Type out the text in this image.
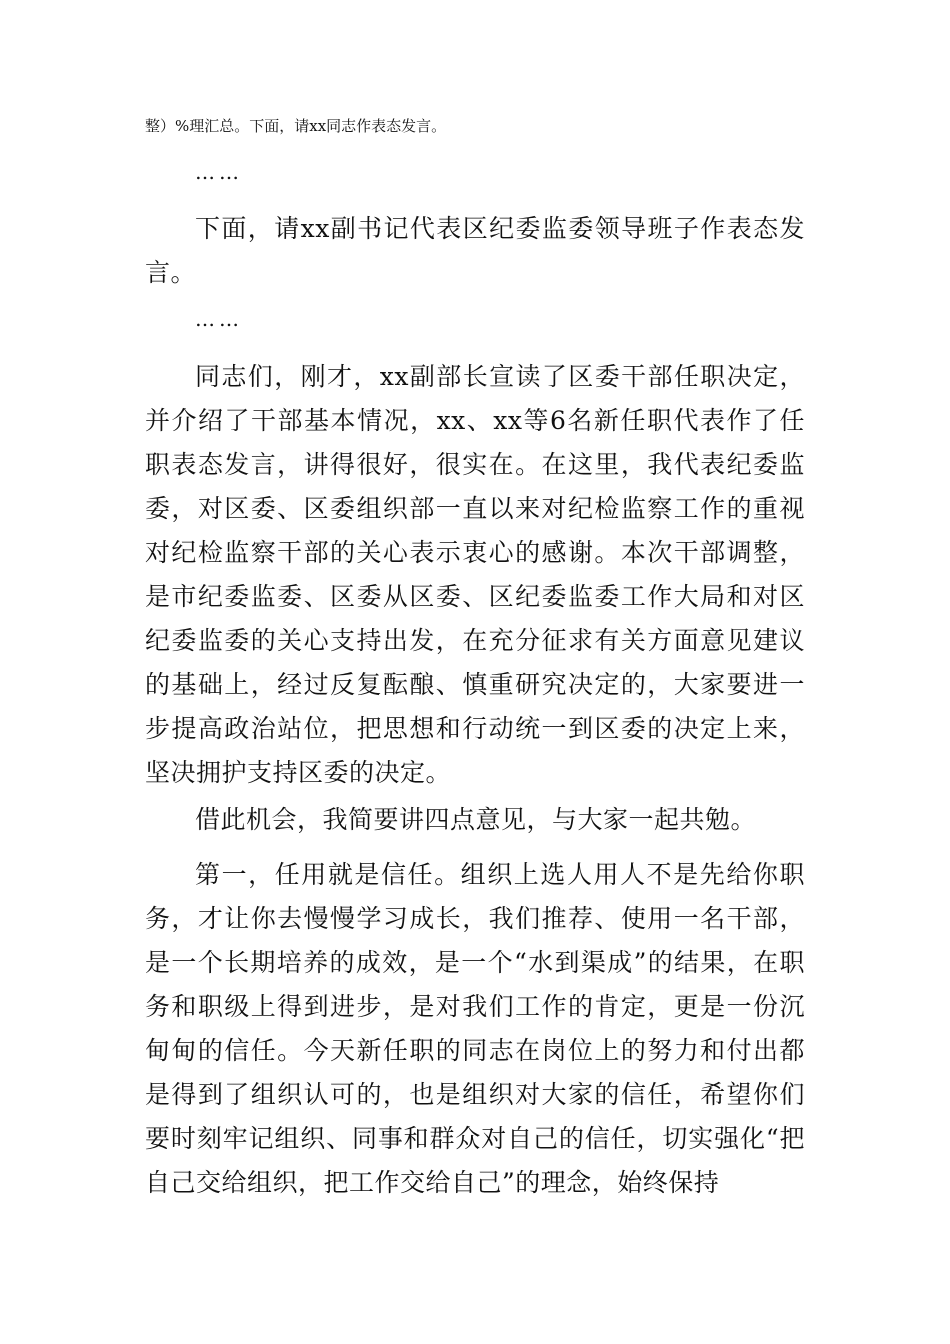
整）%理汇总。下面，请xx同志作表态发言。
……

下面，请xx副书记代表区纪委监委领导班子作表态发言。

……

同志们，刚才，xx副部长宣读了区委干部任职决定，并介绍了干部基本情况，xx、xx等6名新任职代表作了任职表态发言，讲得很好，很实在。在这里，我代表纪委监委，对区委、区委组织部一直以来对纪检监察工作的重视对纪检监察干部的关心表示衷心的感谢。本次干部调整，是市纪委监委、区委从区委、区纪委监委工作大局和对区纪委监委的关心支持出发，在充分征求有关方面意见建议的基础上，经过反复酝酿、慎重研究决定的，大家要进一步提高政治站位，把思想和行动统一到区委的决定上来，坚决拥护支持区委的决定。

借此机会，我简要讲四点意见，与大家一起共勉。

第一，任用就是信任。组织上选人用人不是先给你职务，才让你去慢慢学习成长，我们推荐、使用一名干部，是一个长期培养的成效，是一个“水到渠成”的结果，在职务和职级上得到进步，是对我们工作的肯定，更是一份沉甸甸的信任。今天新任职的同志在岗位上的努力和付出都是得到了组织认可的，也是组织对大家的信任，希望你们要时刻牢记组织、同事和群众对自己的信任，切实强化“把自己交给组织，把工作交给自己”的理念，始终保持
